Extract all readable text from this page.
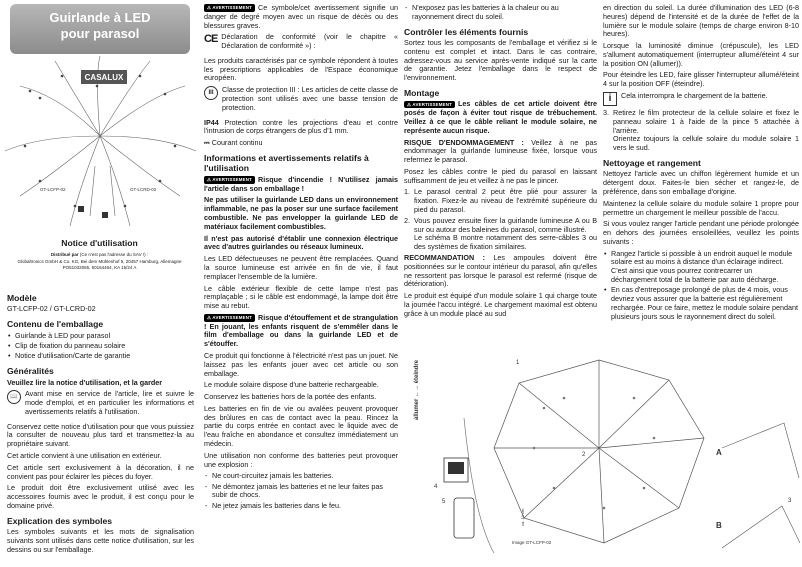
Guirlande à LED
pour parasol
CASALUX
GT-LCFP-02	GT-LCRD-02
Notice d'utilisation
Distribué par (Ce n'est pas l'adresse du SAV !) :
Globaltronics GmbH & Co. KG, Bei dem Mühlenhof 5, 20457 Hamburg, Allemagne
PO51032065, 50164464, KA 15/24 A
Modèle

GT-LCFP-02 / GT-LCRD-02

Contenu de l'emballage
• Guirlande à LED pour parasol
• Clip de fixation du panneau solaire
• Notice d'utilisation/Carte de garantie
Généralités

Veuillez lire la notice d'utilisation, et la garder

📖	Avant mise en service de l'article, lire et suivre le mode d'emploi, et en particulier les informations et avertissements relatifs à l'utilisation.

Conservez cette notice d'utilisation pour que vous puissiez la consulter de nouveau plus tard et transmettez-la au propriétaire suivant.

Cet article convient à une utilisation en extérieur.

Cet article sert exclusivement à la décoration, il ne convient pas pour éclairer les pièces du foyer.

Le produit doit être exclusivement utilisé avec les accessoires fournis avec le produit, il est conçu pour le domaine privé.

Explication des symboles

Les symboles suivants et les mots de signalisation suivants sont utilisés dans cette notice d'utilisation, sur les dessins ou sur l'emballage.

⚠ AVERTISSEMENT Ce symbole/cet avertissement signifie un danger de degré moyen avec un risque de décès ou des blessures graves.

CE Déclaration de conformité (voir le chapitre « Déclaration de conformité ») :

Les produits caractérisés par ce symbole répondent à toutes les prescriptions applicables de l'Espace économique européen.

III	Classe de protection III : Les articles de cette classe de protection sont utilisés avec une basse tension de protection.

IP44 Protection contre les projections d'eau et contre l'intrusion de corps étrangers de plus d'1 mm.

⎓ Courant continu

Informations et avertissements relatifs à l'utilisation

⚠ AVERTISSEMENT Risque d'incendie ! N'utilisez jamais l'article dans son emballage !

Ne pas utiliser la guirlande LED dans un environnement inflammable, ne pas la poser sur une surface facilement combustible. Ne pas envelopper la guirlande LED de matériaux facilement combustibles.

Il n'est pas autorisé d'établir une connexion électrique avec d'autres guirlandes ou réseaux lumineux.

Les LED défectueuses ne peuvent être remplacées. Quand la source lumineuse est arrivée en fin de vie, il faut remplacer l'ensemble de la lumière.

Le câble extérieur flexible de cette lampe n'est pas remplaçable ; si le câble est endommagé, la lampe doit être mise au rebut.

⚠ AVERTISSEMENT Risque d'étouffement et de strangulation ! En jouant, les enfants risquent de s'emmêler dans le film d'emballage ou dans la guirlande LED et de s'étouffer.

Ce produit qui fonctionne à l'électricité n'est pas un jouet. Ne laissez pas les enfants jouer avec cet article ou son emballage.

Le module solaire dispose d'une batterie rechargeable.

Conservez les batteries hors de la portée des enfants.

Les batteries en fin de vie ou avalées peuvent provoquer des brûlures en cas de contact avec la peau. Rincez la partie du corps entrée en contact avec le liquide avec de l'eau fraîche en abondance et consultez immédiatement un médecin.

Une utilisation non conforme des batteries peut provoquer une explosion :

- Ne court-circuitez jamais les batteries.
- Ne démontez jamais les batteries et ne leur faites pas subir de chocs.
- Ne jetez jamais les batteries dans le feu.
- N'exposez pas les batteries à la chaleur ou au rayonnement direct du soleil.
Contrôler les éléments fournis

Sortez tous les composants de l'emballage et vérifiez si le contenu est complet et intact. Dans le cas contraire, adressez-vous au service après-vente indiqué sur la carte de garantie. Jetez l'emballage dans le respect de l'environnement.

Montage

⚠ AVERTISSEMENT Les câbles de cet article doivent être posés de façon à éviter tout risque de trébuchement. Veillez à ce que le câble reliant le module solaire, ne représente aucun risque.

RISQUE D'ENDOMMAGEMENT : Veillez à ne pas endommager la guirlande lumineuse fixée, lorsque vous refermez le parasol.

Posez les câbles contre le pied du parasol en laissant suffisamment de jeu et veillez à ne pas le pincer.

1. Le parasol central 2 peut être plié pour assurer la fixation. Fixez-le au niveau de l'extrémité supérieure du pied du parasol.
2. Vous pouvez ensuite fixer la guirlande lumineuse A ou B sur ou autour des baleines du parasol, comme illustré.
Le schéma B montre notamment des serre-câbles 3 ou des systèmes de fixation similaires.

RECOMMANDATION : Les ampoules doivent être positionnées sur le contour intérieur du parasol, afin qu'elles ne ressortent pas lorsque le parasol est refermé (risque de détérioration).

Le produit est équipé d'un module solaire 1 qui charge toute la journée l'accu intégré. Le chargement maximal est obtenu grâce à un module placé au sud

en direction du soleil. La durée d'illumination des LED (6-8 heures) dépend de l'intensité et de la durée de l'effet de la lumière sur le module solaire (temps de charge environ 8-10 heures).

Lorsque la luminosité diminue (crépuscule), les LED s'allument automatiquement (interrupteur allumé/éteint 4 sur la position ON (allumer)).

Pour éteindre les LED, faire glisser l'interrupteur allumé/éteint 4 sur la position OFF (éteindre).

i	Cela interrompra le chargement de la batterie.

3. Retirez le film protecteur de la cellule solaire et fixez le panneau solaire 1 à l'aide de la pince 5 attachée à l'arrière.
Orientez toujours la cellule solaire du module solaire 1 vers le sud.
Nettoyage et rangement

Nettoyez l'article avec un chiffon légèrement humide et un détergent doux. Faites-le bien sécher et rangez-le, de préférence, dans son emballage d'origine.

Maintenez la cellule solaire du module solaire 1 propre pour permettre un chargement le meilleur possible de l'accu.

Si vous voulez ranger l'article pendant une période prolongée en dehors des journées ensoleillées, veuillez les points suivants :

• Rangez l'article si possible à un endroit auquel le module solaire est au moins à distance d'un éclairage indirect. C'est ainsi que vous pourrez contrecarrer un déchargement total de la batterie par auto décharge.
• En cas d'entreposage prolongé de plus de 4 mois, vous devriez vous assurer que la batterie est régulièrement rechargée. Pour ce faire, mettez le module solaire pendant plusieurs jours sous le rayonnement direct du soleil.
allumer ←→ éteindre
4
5
1
2
ca. 10 cm
Image GT-LCFP-02
A
B
3
